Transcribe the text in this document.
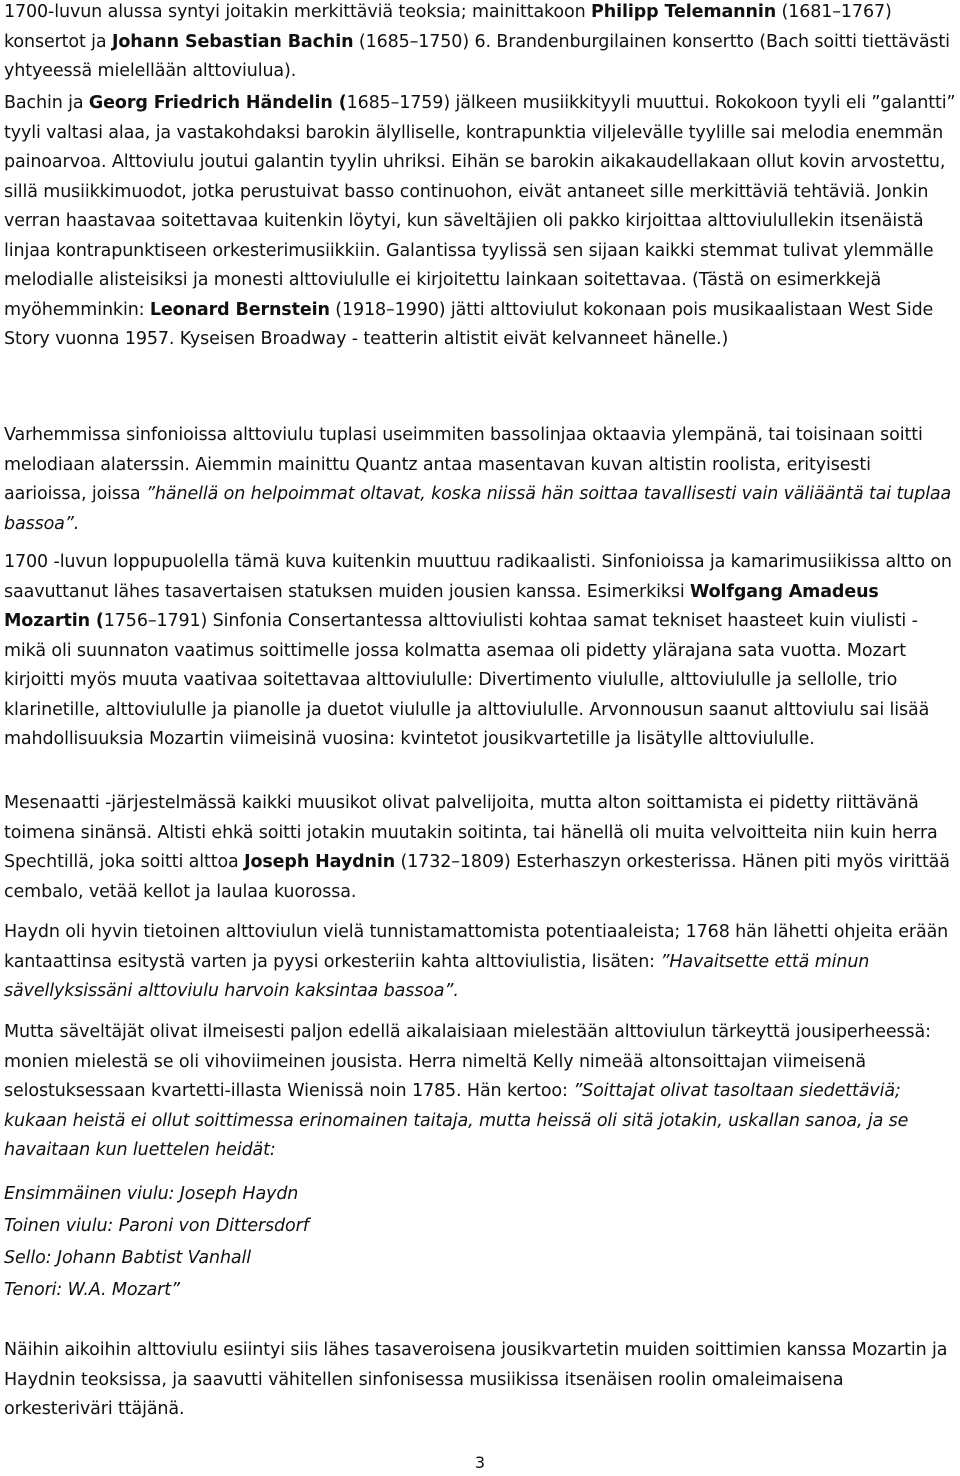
1700-luvun alussa syntyi joitakin merkittäviä teoksia; mainittakoon Philipp Telemannin (1681–1767) konsertot ja Johann Sebastian Bachin (1685–1750) 6. Brandenburgilainen konsertto (Bach soitti tiettävästi yhtyeessä mielellään alttoviulua).

Bachin ja Georg Friedrich Händelin (1685–1759) jälkeen musiikkityyli muuttui. Rokokoon tyyli eli ”galantti” tyyli valtasi alaa, ja vastakohdaksi barokin älylliselle, kontrapunktia viljelevälle tyylille sai melodia enemmän painoarvoa. Alttoviulu joutui galantin tyylin uhriksi. Eihän se barokin aikakaudellakaan ollut kovin arvostettu, sillä musiikkimuodot, jotka perustuivat basso continuohon, eivät antaneet sille merkittäviä tehtäviä. Jonkin verran haastavaa soitettavaa kuitenkin löytyi, kun säveltäjien oli pakko kirjoittaa alttoviulullekin itsenäistä linjaa kontrapunktiseen orkesterimusiikkiin. Galantissa tyylissä sen sijaan kaikki stemmat tulivat ylemmälle melodialle alisteisiksi ja monesti alttoviululle ei kirjoitettu lainkaan soitettavaa. (Tästä on esimerkkejä myöhemminkin: Leonard Bernstein (1918–1990) jätti alttoviulut kokonaan pois musikaalistaan West Side Story vuonna 1957. Kyseisen Broadway - teatterin altistit eivät kelvanneet hänelle.)

Varhemmissa sinfonioissa alttoviulu tuplasi useimmiten bassolinjaa oktaavia ylempänä, tai toisinaan soitti melodiaan alaterssin. Aiemmin mainittu Quantz antaa masentavan kuvan altistin roolista, erityisesti aarioissa, joissa ”hänellä on helpoimmat oltavat, koska niissä hän soittaa tavallisesti vain väliääntä tai tuplaa bassoa”.

1700 -luvun loppupuolella tämä kuva kuitenkin muuttuu radikaalisti. Sinfonioissa ja kamarimusiikissa altto on saavuttanut lähes tasavertaisen statuksen muiden jousien kanssa. Esimerkiksi Wolfgang Amadeus Mozartin (1756–1791) Sinfonia Consertantessa alttoviulisti kohtaa samat tekniset haasteet kuin viulisti - mikä oli suunnaton vaatimus soittimelle jossa kolmatta asemaa oli pidetty ylärajana sata vuotta. Mozart kirjoitti myös muuta vaativaa soitettavaa alttoviululle: Divertimento viululle, alttoviululle ja sellolle, trio klarinetille, alttoviululle ja pianolle ja duetot viululle ja alttoviululle. Arvonnousun saanut alttoviulu sai lisää mahdollisuuksia Mozartin viimeisinä vuosina: kvintetot jousikvartetille ja lisätylle alttoviululle.

Mesenaatti -järjestelmässä kaikki muusikot olivat palvelijoita, mutta alton soittamista ei pidetty riittävänä toimena sinänsä. Altisti ehkä soitti jotakin muutakin soitinta, tai hänellä oli muita velvoitteita niin kuin herra Spechtillä, joka soitti alttoa Joseph Haydnin (1732–1809) Esterhaszyn orkesterissa. Hänen piti myös virittää cembalo, vetää kellot ja laulaa kuorossa.

Haydn oli hyvin tietoinen alttoviulun vielä tunnistamattomista potentiaaleista; 1768 hän lähetti ohjeita erään kantaattinsa esitystä varten ja pyysi orkesteriin kahta alttoviulistia, lisäten: ”Havaitsette että minun sävellyksissäni alttoviulu harvoin kaksintaa bassoa”.

Mutta säveltäjät olivat ilmeisesti paljon edellä aikalaisiaan mielestään alttoviulun tärkeyttä jousiperheessä: monien mielestä se oli vihoviimeinen jousista. Herra nimeltä Kelly nimeää altonsoittajan viimeisenä selostuksessaan kvartetti-illasta Wienissä noin 1785. Hän kertoo: ”Soittajat olivat tasoltaan siedettäviä; kukaan heistä ei ollut soittimessa erinomainen taitaja, mutta heissä oli sitä jotakin, uskallan sanoa, ja se havaitaan kun luettelen heidät:

Ensimmäinen viulu: Joseph Haydn
Toinen viulu: Paroni von Dittersdorf
Sello: Johann Babtist Vanhall
Tenori: W.A. Mozart”

Näihin aikoihin alttoviulu esiintyi siis lähes tasaveroisena jousikvartetin muiden soittimien kanssa Mozartin ja Haydnin teoksissa, ja saavutti vähitellen sinfonisessa musiikissa itsenäisen roolin omaleimaisena orkesteriväri ttäjänä.

3
